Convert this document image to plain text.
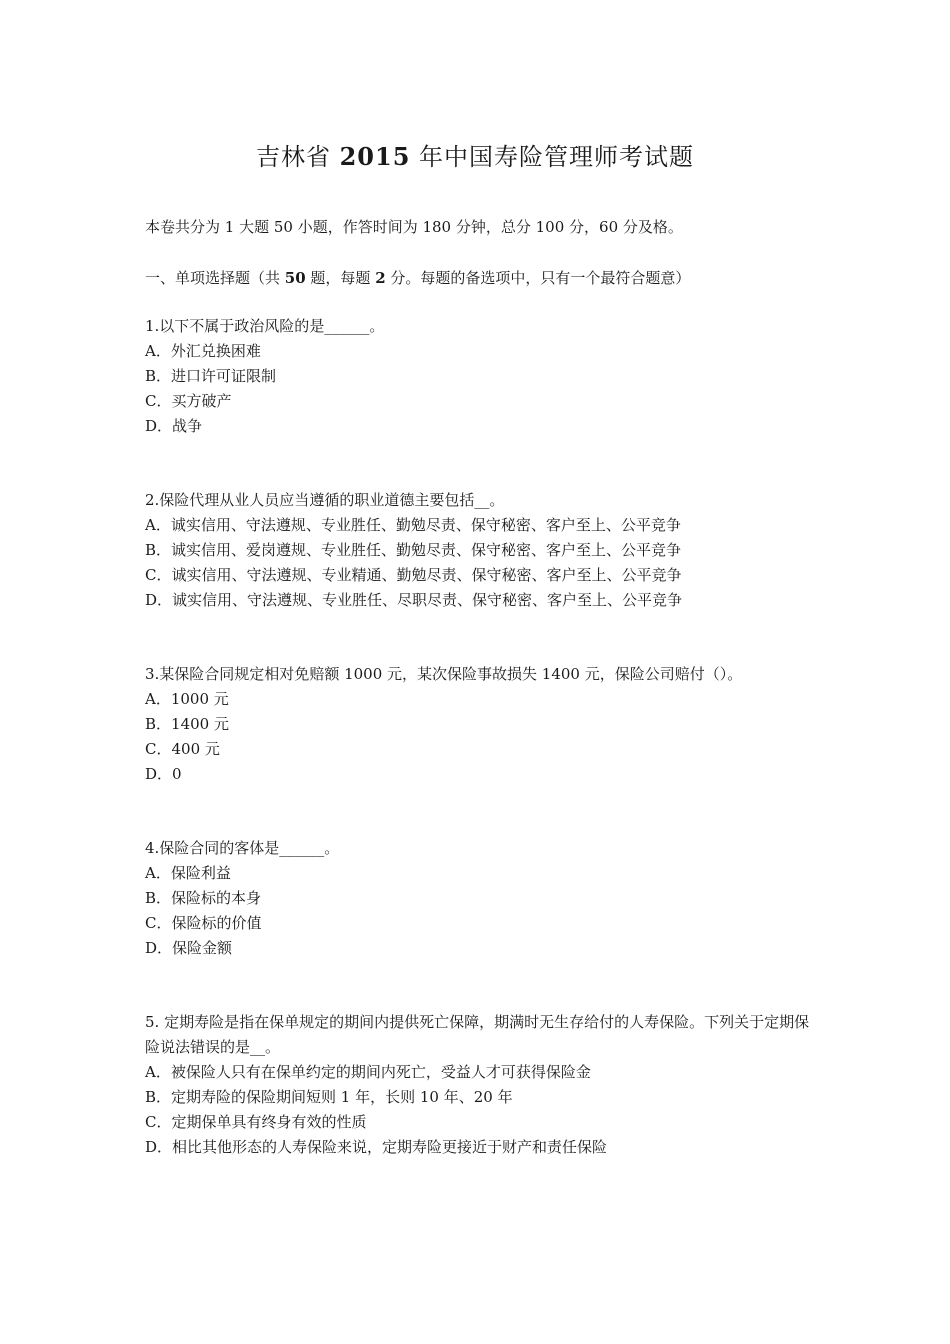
吉林省 2015 年中国寿险管理师考试题
本卷共分为 1 大题 50 小题，作答时间为 180 分钟，总分 100 分，60 分及格。
一、单项选择题（共 50 题，每题 2 分。每题的备选项中，只有一个最符合题意）
1.以下不属于政治风险的是______。
A．外汇兑换困难
B．进口许可证限制
C．买方破产
D．战争
2.保险代理从业人员应当遵循的职业道德主要包括__。
A．诚实信用、守法遵规、专业胜任、勤勉尽责、保守秘密、客户至上、公平竞争
B．诚实信用、爱岗遵规、专业胜任、勤勉尽责、保守秘密、客户至上、公平竞争
C．诚实信用、守法遵规、专业精通、勤勉尽责、保守秘密、客户至上、公平竞争
D．诚实信用、守法遵规、专业胜任、尽职尽责、保守秘密、客户至上、公平竞争
3.某保险合同规定相对免赔额 1000 元，某次保险事故损失 1400 元，保险公司赔付（）。
A．1000 元
B．1400 元
C．400 元
D．0
4.保险合同的客体是______。
A．保险利益
B．保险标的本身
C．保险标的价值
D．保险金额
5. 定期寿险是指在保单规定的期间内提供死亡保障，期满时无生存给付的人寿保险。下列关于定期保险说法错误的是__。
A．被保险人只有在保单约定的期间内死亡，受益人才可获得保险金
B．定期寿险的保险期间短则 1 年，长则 10 年、20 年
C．定期保单具有终身有效的性质
D．相比其他形态的人寿保险来说，定期寿险更接近于财产和责任保险
